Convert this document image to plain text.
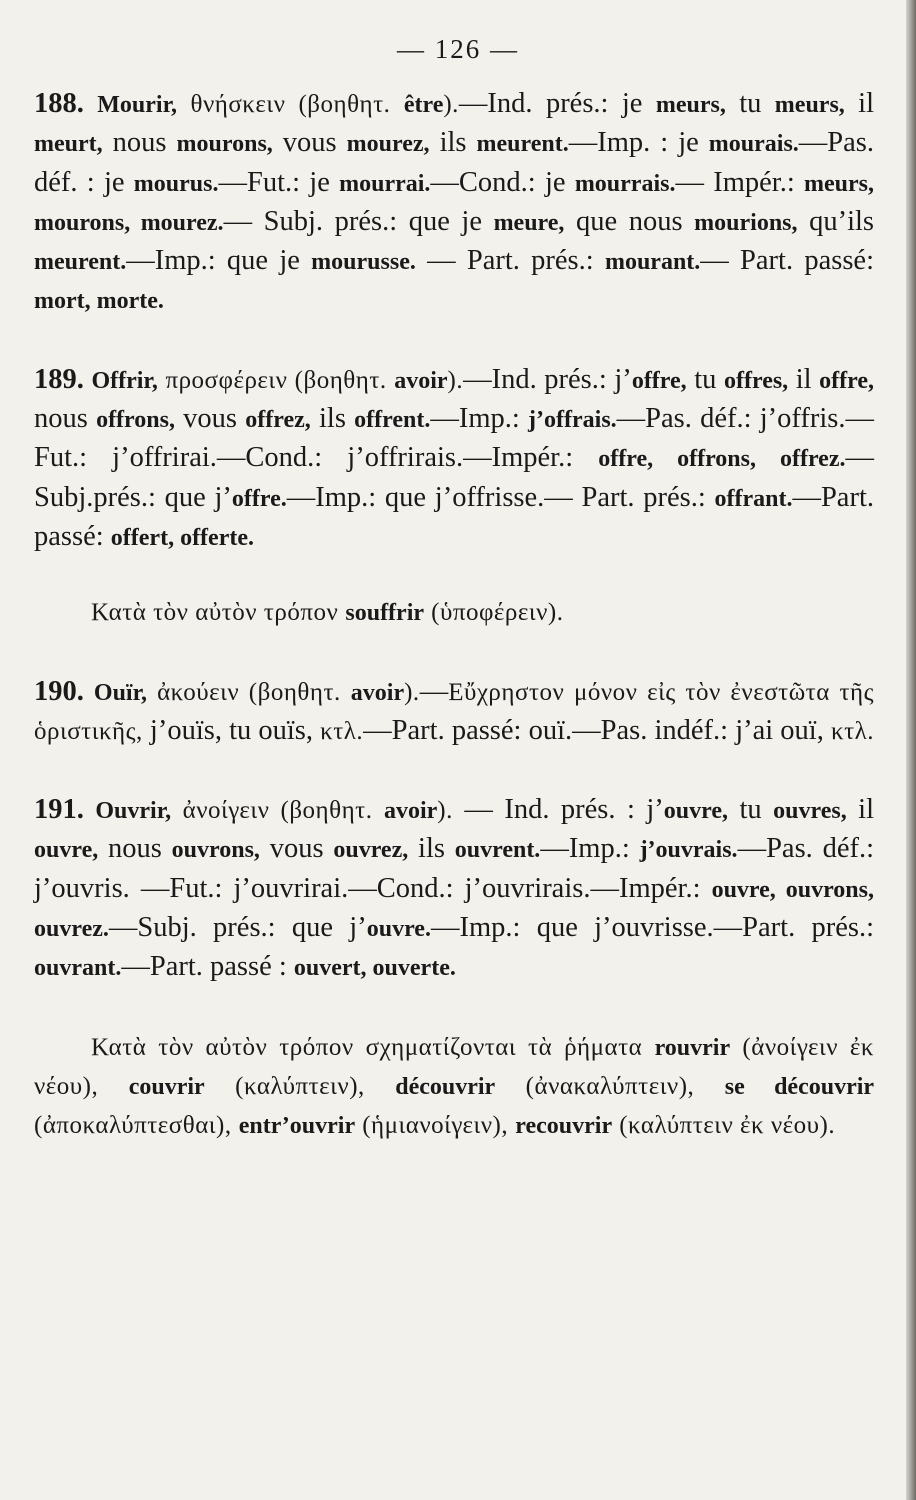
— 126 —

188. Mourir, θνήσκειν (βοηθητ. être).—Ind. prés.: je meurs, tu meurs, il meurt, nous mourons, vous mourez, ils meurent.—Imp. : je mourais.—Pas. déf. : je mourus.—Fut.: je mourrai.—Cond.: je mourrais.— Impér.: meurs, mourons, mourez.— Subj. prés.: que je meure, que nous mourions, qu’ils meurent.—Imp.: que je mourusse. — Part. prés.: mourant.— Part. passé: mort, morte.

189. Offrir, προσφέρειν (βοηθητ. avoir).—Ind. prés.: j’offre, tu offres, il offre, nous offrons, vous offrez, ils offrent.—Imp.: j’offrais.—Pas. déf.: j’offris.—Fut.: j’offrirai.—Cond.: j’offrirais.—Impér.: offre, offrons, offrez.—Subj.prés.: que j’offre.—Imp.: que j’offrisse.— Part. prés.: offrant.—Part. passé: offert, offerte.

Κατὰ τὸν αὐτὸν τρόπον souffrir (ὑποφέρειν).

190. Ouïr, ἀκούειν (βοηθητ. avoir).—Εὔχρηστον μόνον εἰς τὸν ἐνεστῶτα τῆς ὁριστικῆς, j’ouïs, tu ouïs, κτλ.—Part. passé: ouï.—Pas. indéf.: j’ai ouï, κτλ.

191. Ouvrir, ἀνοίγειν (βοηθητ. avoir). — Ind. prés. : j’ouvre, tu ouvres, il ouvre, nous ouvrons, vous ouvrez, ils ouvrent.—Imp.: j’ouvrais.—Pas. déf.: j’ouvris. —Fut.: j’ouvrirai.—Cond.: j’ouvrirais.—Impér.: ouvre, ouvrons, ouvrez.—Subj. prés.: que j’ouvre.—Imp.: que j’ouvrisse.—Part. prés.: ouvrant.—Part. passé : ouvert, ouverte.

Κατὰ τὸν αὐτὸν τρόπον σχηματίζονται τὰ ῥήματα rouvrir (ἀνοίγειν ἐκ νέου), couvrir (καλύπτειν), découvrir (ἀνακαλύπτειν), se découvrir (ἀποκαλύπτεσθαι), entr’ouvrir (ἡμιανοίγειν), recouvrir (καλύπτειν ἐκ νέου).
